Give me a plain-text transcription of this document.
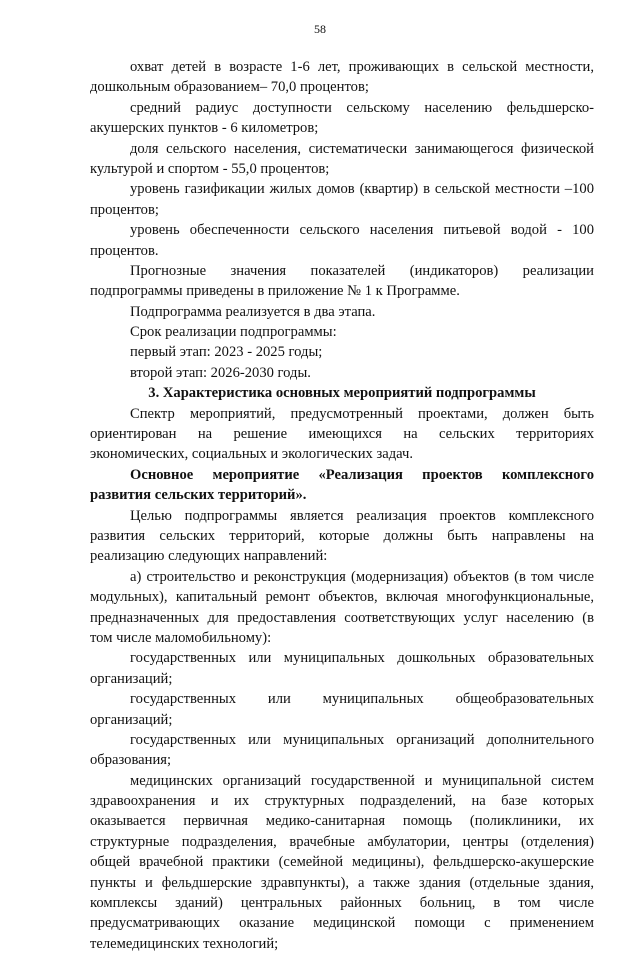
58
охват детей в возрасте 1-6 лет, проживающих в сельской местности,
дошкольным образованием– 70,0 процентов;
средний радиус доступности сельскому населению фельдшерско-
акушерских пунктов - 6 километров;
доля сельского населения, систематически занимающегося физической
культурой и спортом - 55,0 процентов;
уровень газификации жилых домов (квартир) в сельской местности –100
процентов;
уровень обеспеченности сельского населения питьевой водой - 100
процентов.
Прогнозные значения показателей (индикаторов) реализации
подпрограммы приведены в приложение № 1 к Программе.
Подпрограмма реализуется в два этапа.
Срок реализации подпрограммы:
первый этап: 2023 - 2025 годы;
второй этап: 2026-2030 годы.
3. Характеристика основных мероприятий подпрограммы
Спектр мероприятий, предусмотренный проектами, должен быть
ориентирован на решение имеющихся на сельских территориях
экономических, социальных и экологических задач.
Основное мероприятие «Реализация проектов комплексного
развития сельских территорий».
Целью подпрограммы является реализация проектов комплексного
развития сельских территорий, которые должны быть направлены на
реализацию следующих направлений:
а) строительство и реконструкция (модернизация) объектов (в том числе
модульных), капитальный ремонт объектов, включая многофункциональные,
предназначенных для предоставления соответствующих услуг населению (в
том числе маломобильному):
государственных или муниципальных дошкольных образовательных
организаций;
государственных или муниципальных общеобразовательных
организаций;
государственных или муниципальных организаций дополнительного
образования;
медицинских организаций государственной и муниципальной систем
здравоохранения и их структурных подразделений, на базе которых
оказывается первичная медико-санитарная помощь (поликлиники, их
структурные подразделения, врачебные амбулатории, центры (отделения)
общей врачебной практики (семейной медицины), фельдшерско-акушерские
пункты и фельдшерские здравпункты), а также здания (отдельные здания,
комплексы зданий) центральных районных больниц, в том числе
предусматривающих оказание медицинской помощи с применением
телемедицинских технологий;
